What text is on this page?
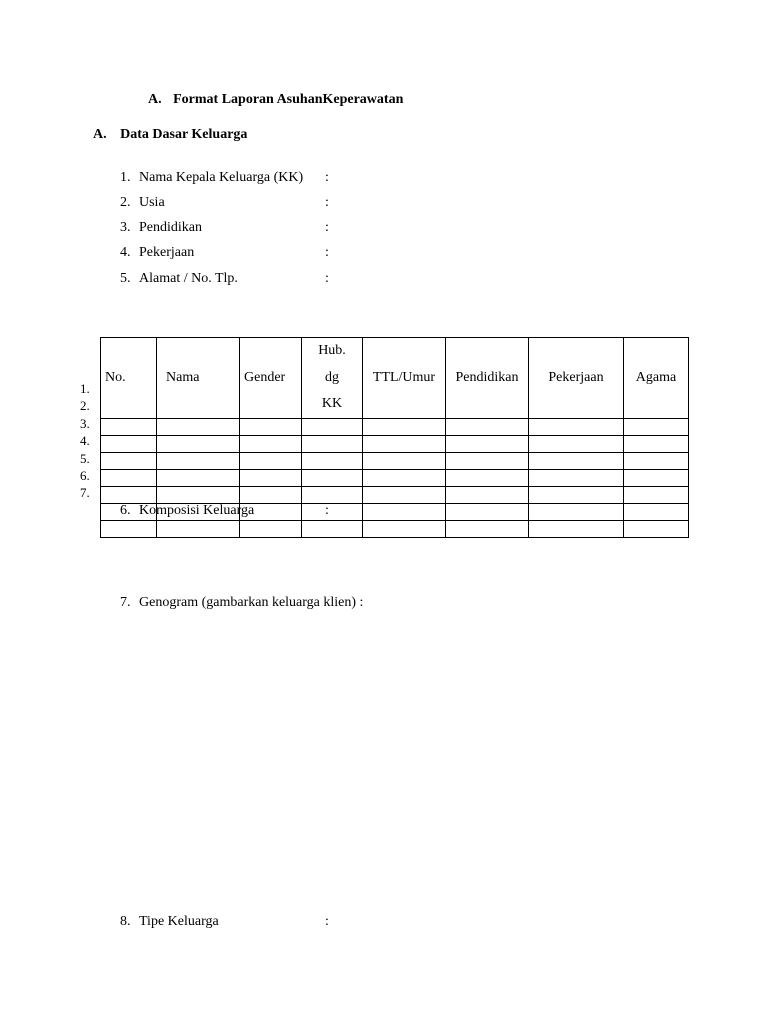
A. Format Laporan AsuhanKeperawatan
A. Data Dasar Keluarga
1. Nama Kepala Keluarga (KK) :
2. Usia	:
3. Pendidikan	:
4. Pekerjaan	:
5. Alamat / No. Tlp.	:
No.	Nama	Gender	Hub. dg KK	TTL/Umur	Pendidikan	Pekerjaan	Agama

1.
2.
3.
4.
5.
6.
7.
6. Komposisi Keluarga	:
7. Genogram (gambarkan keluarga klien) :
8. Tipe Keluarga	:
